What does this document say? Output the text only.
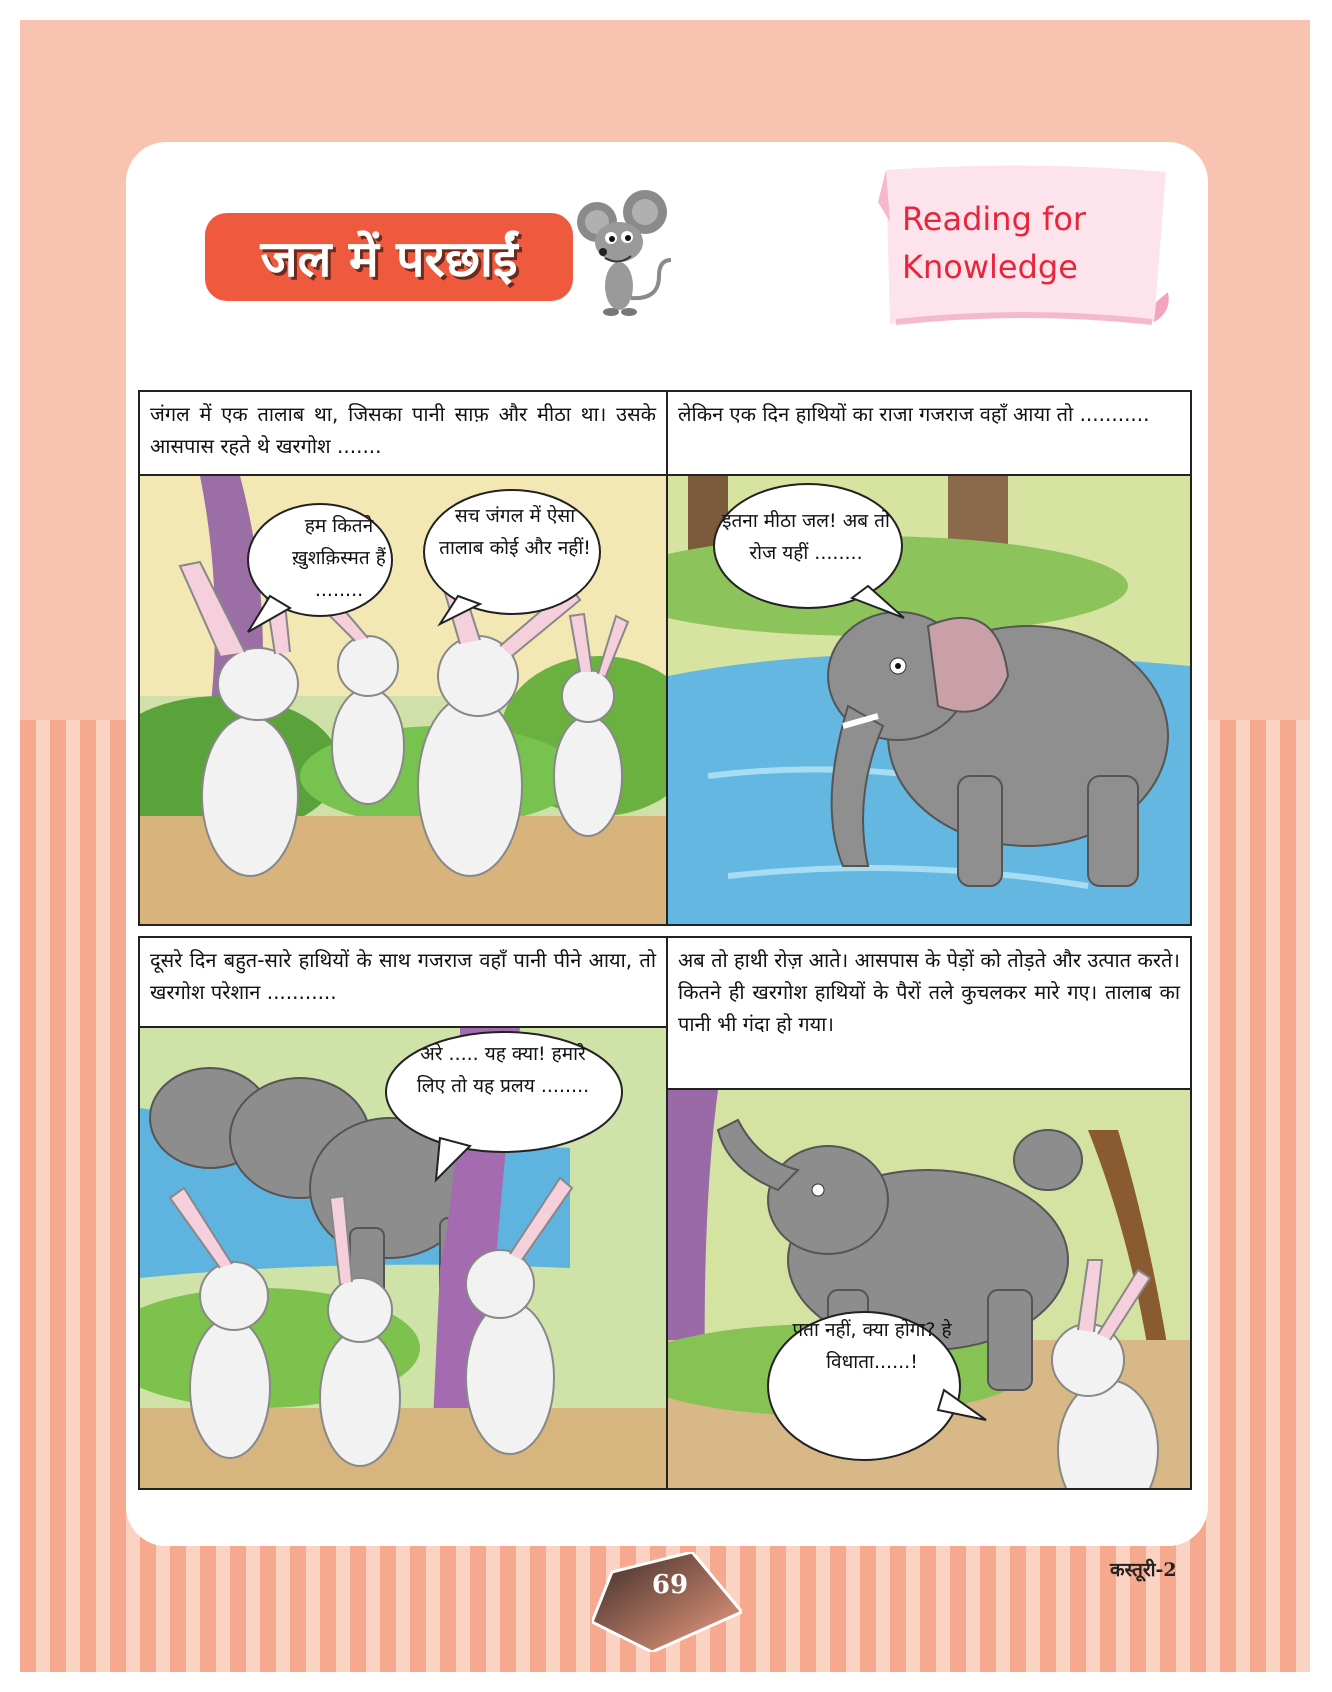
जल में परछाईं
Reading for Knowledge
जंगल में एक तालाब था, जिसका पानी साफ़ और मीठा था। उसके आसपास रहते थे खरगोश .......
हम कितने ख़ुशक़िस्मत हैं ........
सच जंगल में ऐसा तालाब कोई और नहीं!
लेकिन एक दिन हाथियों का राजा गजराज वहाँ आया तो ...........
इतना मीठा जल! अब तो रोज यहीं ........
दूसरे दिन बहुत-सारे हाथियों के साथ गजराज वहाँ पानी पीने आया, तो खरगोश परेशान ...........
अरे ..... यह क्या! हमारे लिए तो यह प्रलय ........
अब तो हाथी रोज़ आते। आसपास के पेड़ों को तोड़ते और उत्पात करते। कितने ही खरगोश हाथियों के पैरों तले कुचलकर मारे गए। तालाब का पानी भी गंदा हो गया।
पता नहीं, क्या होगा? हे विधाता......!
69	कस्तूरी-2
